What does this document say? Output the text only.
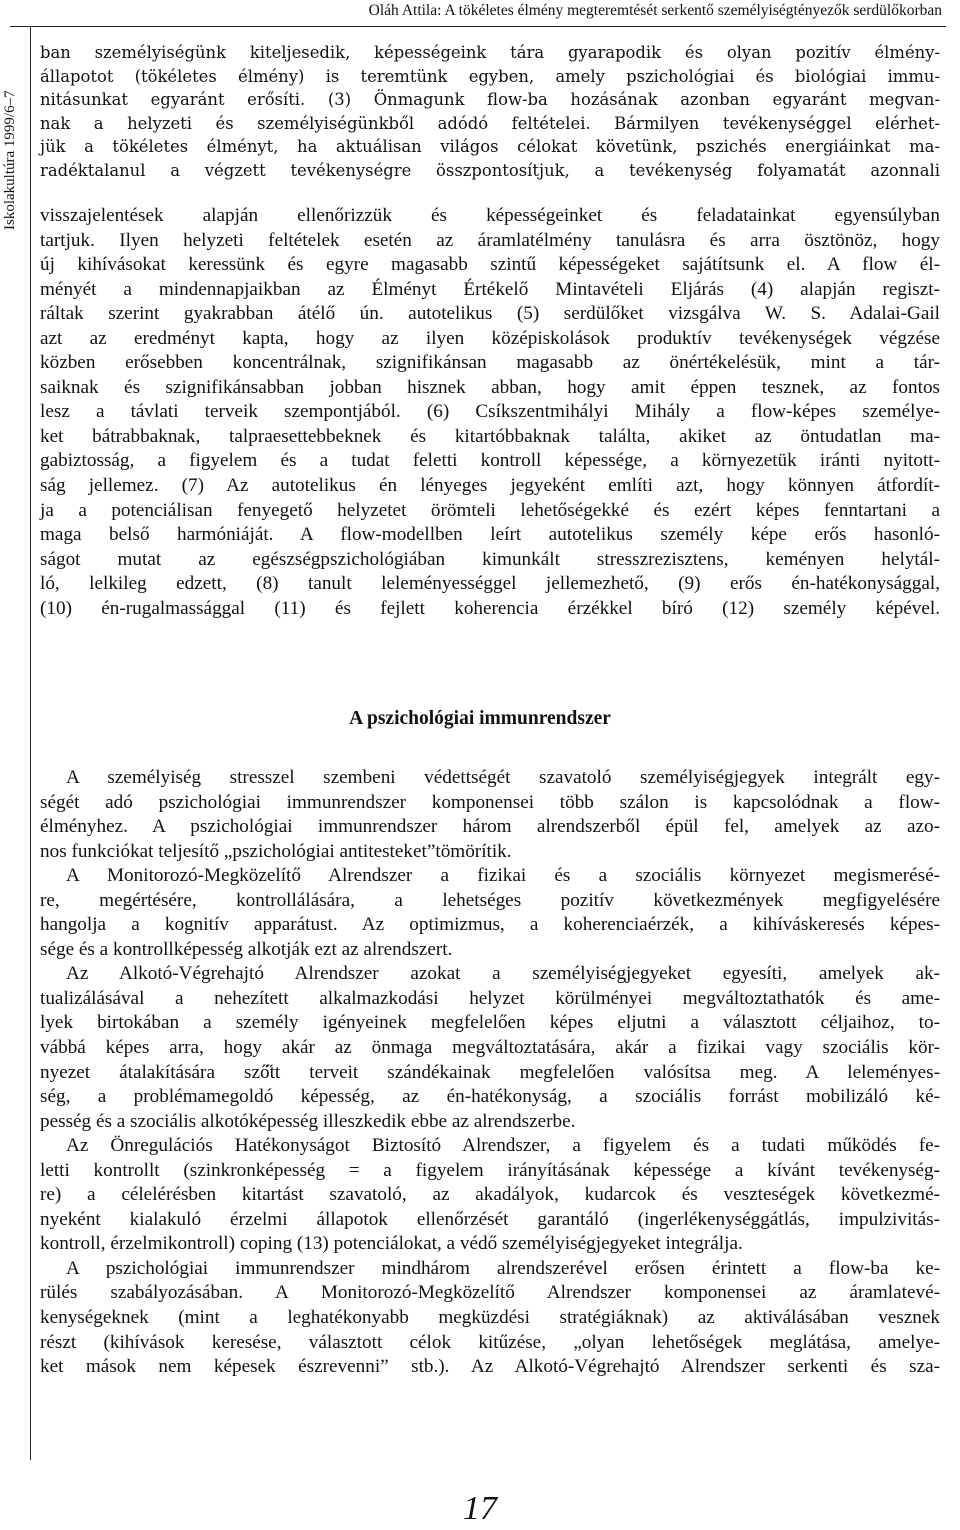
Oláh Attila: A tökéletes élmény megteremtését serkentő személyiségtényezők serdülőkorban
Iskolakultúra 1999/6–7
ban személyiségünk kiteljesedik, képességeink tára gyarapodik és olyan pozitív élmény-
állapotot (tökéletes élmény) is teremtünk egyben, amely pszichológiai és biológiai immu-
nitásunkat egyaránt erősíti. (3) Önmagunk flow-ba hozásának azonban egyaránt megvan-
nak a helyzeti és személyiségünkből adódó feltételei. Bármilyen tevékenységgel elérhet-
jük a tökéletes élményt, ha aktuálisan világos célokat követünk, pszichés energiáinkat ma-
radéktalanul a végzett tevékenységre összpontosítjuk, a tevékenység folyamatát azonnali
visszajelentések alapján ellenőrizzük és képességeinket és feladatainkat egyensúlyban
tartjuk. Ilyen helyzeti feltételek esetén az áramlatélmény tanulásra és arra ösztönöz, hogy
új kihívásokat keressünk és egyre magasabb szintű képességeket sajátítsunk el. A flow él-
ményét a mindennapjaikban az Élményt Értékelő Mintavételi Eljárás (4) alapján regiszt-
ráltak szerint gyakrabban átélő ún. autotelikus (5) serdülőket vizsgálva W. S. Adalai-Gail
azt az eredményt kapta, hogy az ilyen középiskolások produktív tevékenységek végzése
közben erősebben koncentrálnak, szignifikánsan magasabb az önértékelésük, mint a tár-
saiknak és szignifikánsabban jobban hisznek abban, hogy amit éppen tesznek, az fontos
lesz a távlati terveik szempontjából. (6) Csíkszentmihályi Mihály a flow-képes személye-
ket bátrabbaknak, talpraesettebbeknek és kitartóbbaknak találta, akiket az öntudatlan ma-
gabiztosság, a figyelem és a tudat feletti kontroll képessége, a környezetük iránti nyitott-
ság jellemez. (7) Az autotelikus én lényeges jegyeként említi azt, hogy könnyen átfordít-
ja a potenciálisan fenyegető helyzetet örömteli lehetőségekké és ezért képes fenntartani a
maga belső harmóniáját. A flow-modellben leírt autotelikus személy képe erős hasonló-
ságot mutat az egészségpszichológiában kimunkált stresszrezisztens, keményen helytál-
ló, lelkileg edzett, (8) tanult leleményességgel jellemezhető, (9) erős én-hatékonysággal,
(10) én-rugalmassággal (11) és fejlett koherencia érzékkel bíró (12) személy képével.
A pszichológiai immunrendszer
A személyiség stresszel szembeni védettségét szavatoló személyiségjegyek integrált egy-
ségét adó pszichológiai immunrendszer komponensei több szálon is kapcsolódnak a flow-
élményhez. A pszichológiai immunrendszer három alrendszerből épül fel, amelyek az azo-
nos funkciókat teljesítő „pszichológiai antitesteket”tömörítik.
A Monitorozó-Megközelítő Alrendszer a fizikai és a szociális környezet megismerésé-
re, megértésére, kontrollálására, a lehetséges pozitív következmények megfigyelésére
hangolja a kognitív apparátust. Az optimizmus, a koherenciaérzék, a kihíváskeresés képes-
sége és a kontrollképesség alkotják ezt az alrendszert.
Az Alkotó-Végrehajtó Alrendszer azokat a személyiségjegyeket egyesíti, amelyek ak-
tualizálásával a nehezített alkalmazkodási helyzet körülményei megváltoztathatók és ame-
lyek birtokában a személy igényeinek megfelelően képes eljutni a választott céljaihoz, to-
vábbá képes arra, hogy akár az önmaga megváltoztatására, akár a fizikai vagy szociális kör-
nyezet átalakítására sző̋tt terveit szándékainak megfelelően valósítsa meg. A leleményes-
ség, a problémamegoldó képesség, az én-hatékonyság, a szociális forrást mobilizáló ké-
pesség és a szociális alkotóképesség illeszkedik ebbe az alrendszerbe.
Az Önregulációs Hatékonyságot Biztosító Alrendszer, a figyelem és a tudati működés fe-
letti kontrollt (szinkronképesség = a figyelem irányításának képessége a kívánt tevékenység-
re) a célelérésben kitartást szavatoló, az akadályok, kudarcok és veszteségek következmé-
nyeként kialakuló érzelmi állapotok ellenőrzését garantáló (ingerlékenységgátlás, impulzivitás-
kontroll, érzelmikontroll) coping (13) potenciálokat, a védő személyiségjegyeket integrálja.
A pszichológiai immunrendszer mindhárom alrendszerével erősen érintett a flow-ba ke-
rülés szabályozásában. A Monitorozó-Megközelítő Alrendszer komponensei az áramlatevé-
kenységeknek (mint a leghatékonyabb megküzdési stratégiáknak) az aktiválásában vesznek
részt (kihívások keresése, választott célok kitűzése, „olyan lehetőségek meglátása, amelye-
ket mások nem képesek észrevenni” stb.). Az Alkotó-Végrehajtó Alrendszer serkenti és sza-
17
